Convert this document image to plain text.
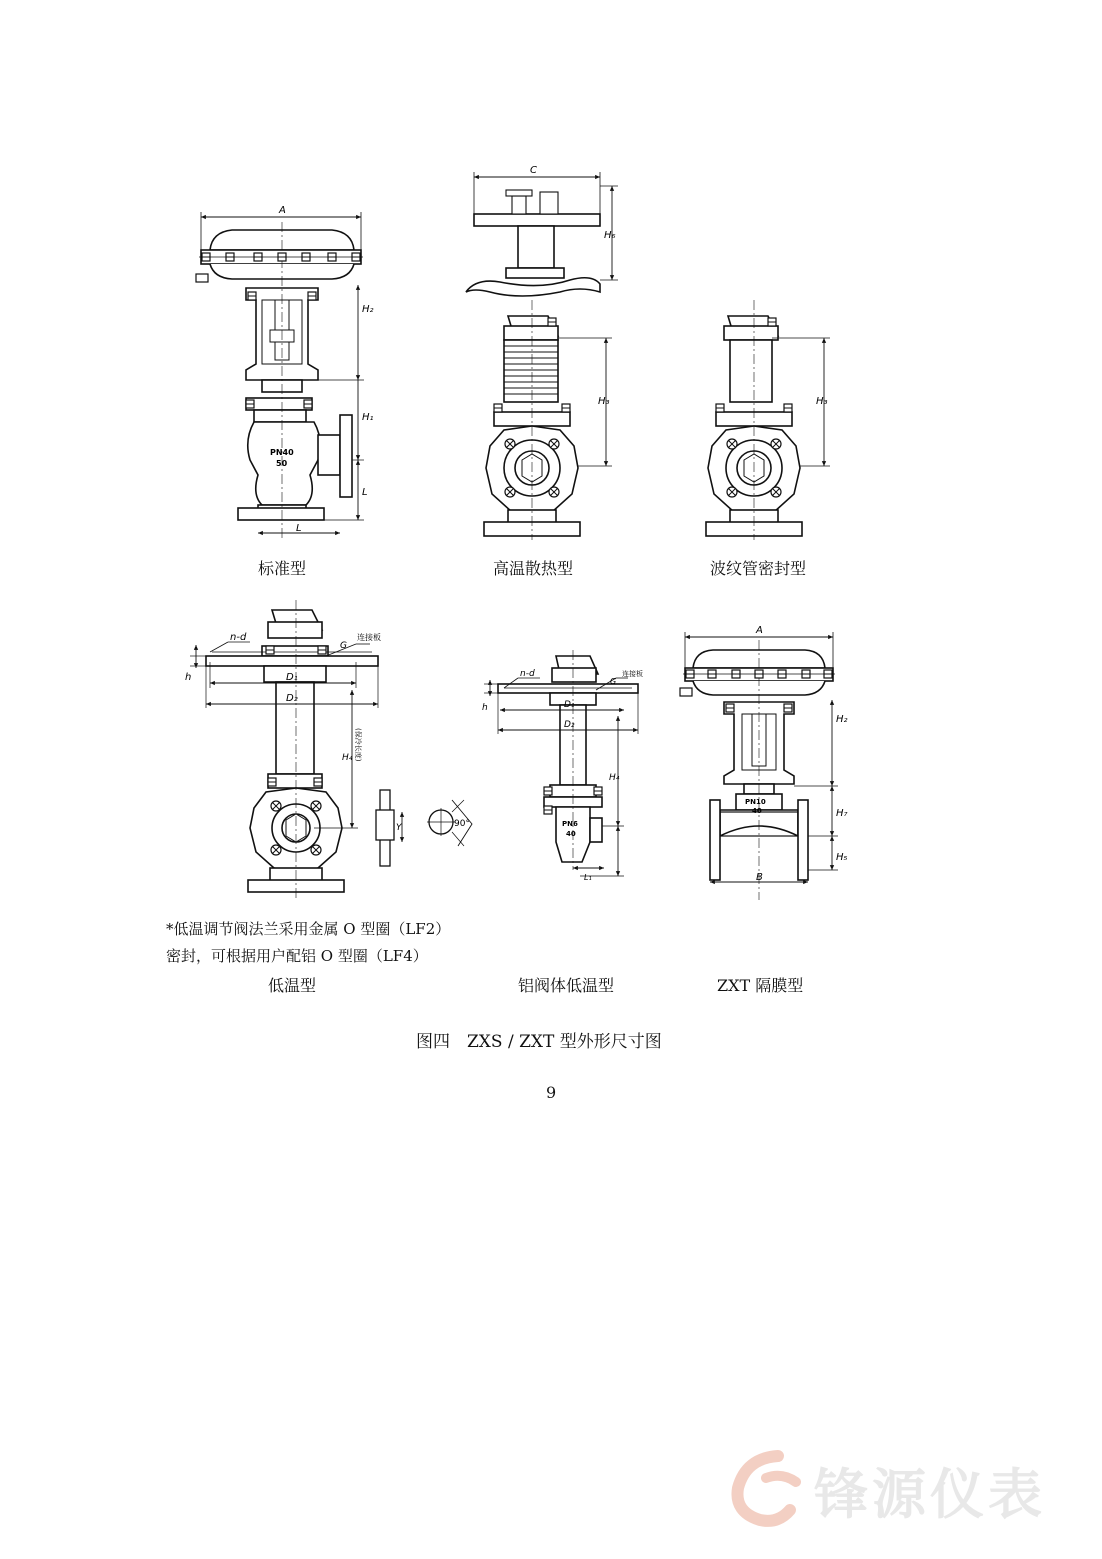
A
H₂
H₁
L
L
PN40
50
C
H₆
H₃	H₃
n-d
h	D₁
D₂
G
连接板
H₄ (保冷长度)
Y	90°
n-d
h	D₁
D₂
G
连接板
H₄
L₁
PN6
40
A
H₂
H₇
H₅
B
PN10
40
标准型	高温散热型	波纹管密封型
*低温调节阀法兰采用金属 O 型圈（LF2）
密封，可根据用户配铝 O 型圈（LF4）
低温型	铝阀体低温型	ZXT 隔膜型
图四　ZXS / ZXT 型外形尺寸图
9
锋源仪表
